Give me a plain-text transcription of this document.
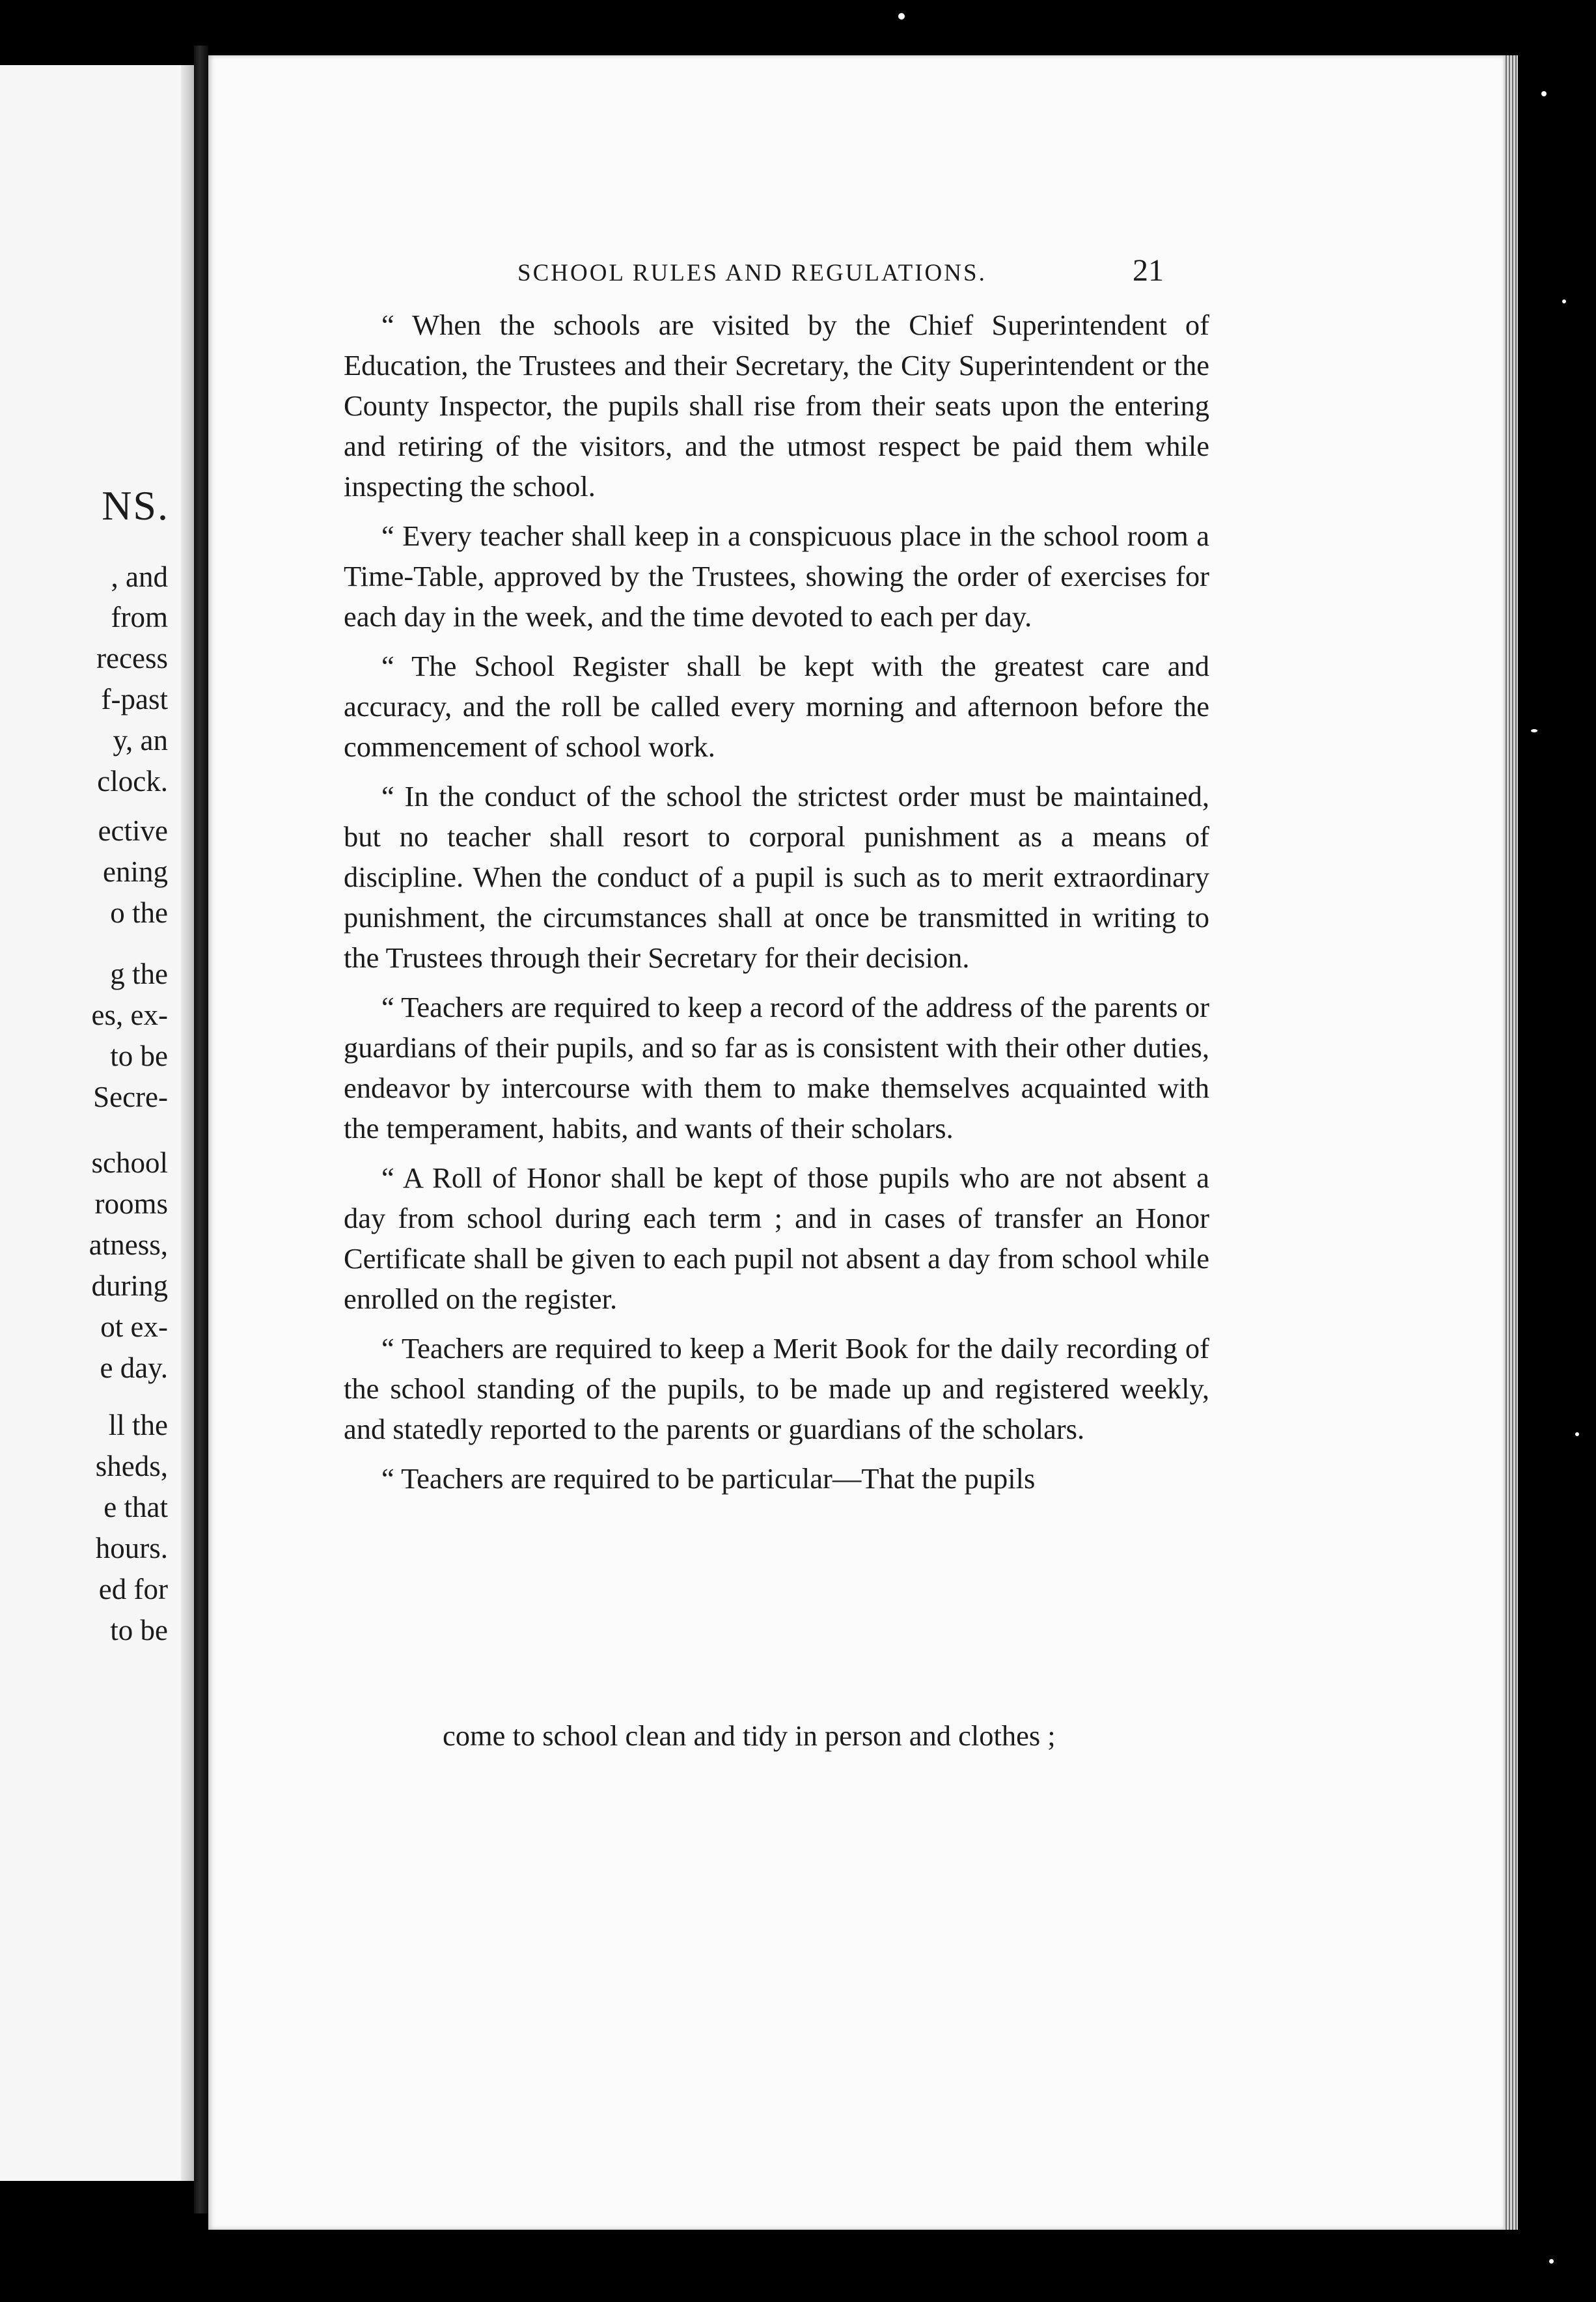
NS.
, and
from
recess
f-past
y, an
clock.
ective
ening
o the
g the
es, ex-
to be
Secre-
school
rooms
atness,
during
ot ex-
e day.
ll the
sheds,
e that
hours.
ed for
to be
SCHOOL RULES AND REGULATIONS.	21

“ When the schools are visited by the Chief Superintendent of Education, the Trustees and their Secretary, the City Superintendent or the County Inspector, the pupils shall rise from their seats upon the entering and retiring of the visitors, and the utmost respect be paid them while inspecting the school.

“ Every teacher shall keep in a conspicuous place in the school room a Time-Table, approved by the Trustees, showing the order of exercises for each day in the week, and the time devoted to each per day.

“ The School Register shall be kept with the greatest care and accuracy, and the roll be called every morning and afternoon before the commencement of school work.

“ In the conduct of the school the strictest order must be maintained, but no teacher shall resort to corporal punishment as a means of discipline. When the conduct of a pupil is such as to merit extraordinary punishment, the circumstances shall at once be transmitted in writing to the Trustees through their Secretary for their decision.

“ Teachers are required to keep a record of the address of the parents or guardians of their pupils, and so far as is consistent with their other duties, endeavor by intercourse with them to make themselves acquainted with the temperament, habits, and wants of their scholars.

“ A Roll of Honor shall be kept of those pupils who are not absent a day from school during each term ; and in cases of transfer an Honor Certificate shall be given to each pupil not absent a day from school while enrolled on the register.

“ Teachers are required to keep a Merit Book for the daily recording of the school standing of the pupils, to be made up and registered weekly, and statedly reported to the parents or guardians of the scholars.

“ Teachers are required to be particular—That the pupils

come to school clean and tidy in person and clothes ;
